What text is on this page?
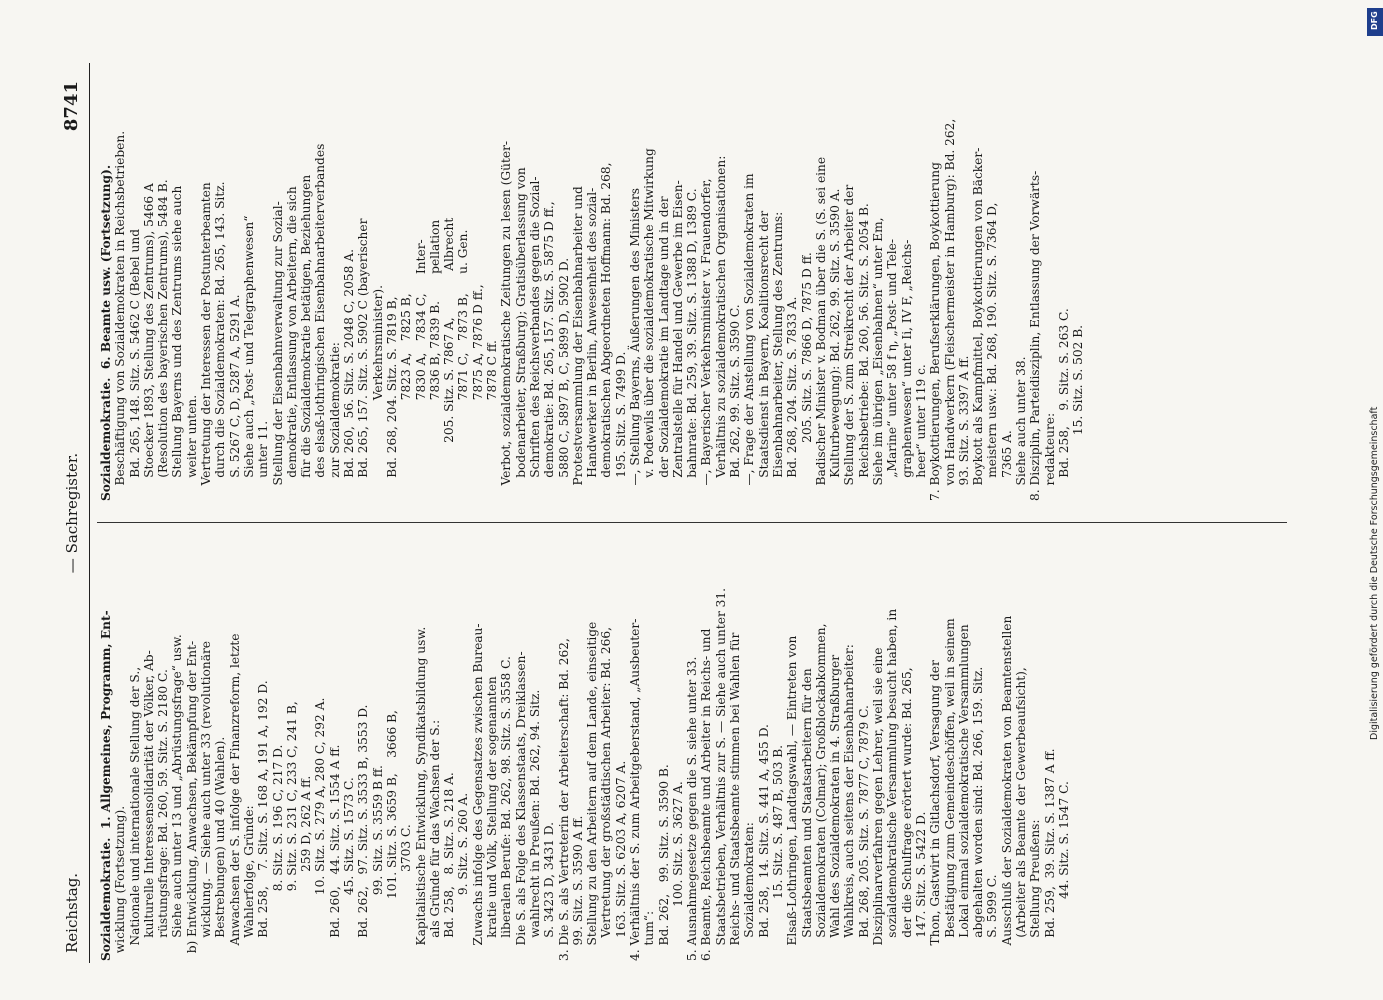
Reichstag.
— Sachregister.
8741

Sozialdemokratie.  1. Allgemeines, Programm, Ent- wicklung (Fortsetzung). Nationale und internationale Stellung der S., kulturelle Interessensolidarität der Völker, Ab- rüstungsfrage: Bd. 260, 59. Sitz. S. 2180 C. Siehe auch unter 13 und „Abrüstungsfrage“ usw. b) Entwicklung, Anwachsen, Bekämpfung der Ent- wicklung. — Siehe auch unter 33 (revolutionäre Bestrebungen) und 40 (Wahlen). Anwachsen der S. infolge der Finanzreform, letzte Wahlerfolge, Gründe: Bd. 258,    7. Sitz. S. 168 A, 191 A, 192 D. 8. Sitz. S. 196 C, 217 D. 9. Sitz. S. 231 C, 233 C, 241 B, 259 D, 262 A ff. 10. Sitz. S. 279 A, 280 C, 292 A. Bd. 260,   44. Sitz. S. 1554 A ff. 45. Sitz. S. 1573 C. Bd. 262,   97. Sitz. S. 3533 B, 3553 D. 99. Sitz. S. 3559 B ff. 101. Sitz. S. 3659 B,    3666 B, 3703 C. Kapitalistische Entwicklung, Syndikatsbildung usw. als Gründe für das Wachsen der S.: Bd. 258,   8. Sitz. S. 218 A. 9. Sitz. S. 260 A. Zuwachs infolge des Gegensatzes zwischen Bureau- kratie und Volk, Stellung der sogenannten liberalen Berufe: Bd. 262, 98. Sitz. S. 3558 C. Die S. als Folge des Klassenstaats, Dreiklassen- wahlrecht in Preußen: Bd. 262, 94. Sitz. S. 3423 D, 3431 D. 3. Die S. als Vertreterin der Arbeiterschaft: Bd. 262, 99. Sitz. S. 3590 A ff. Stellung zu den Arbeitern auf dem Lande, einseitige Vertretung der großstädtischen Arbeiter: Bd. 266, 163. Sitz. S. 6203 A, 6207 A. 4. Verhältnis der S. zum Arbeitgeberstand, „Ausbeuter- tum“: Bd. 262,   99. Sitz. S. 3590 B. 100. Sitz. S. 3627 A. 5. Ausnahmegesetze gegen die S. siehe unter 33. 6. Beamte, Reichsbeamte und Arbeiter in Reichs- und Staatsbetrieben, Verhältnis zur S. — Siehe auch unter 31. Reichs- und Staatsbeamte stimmen bei Wahlen für Sozialdemokraten: Bd. 258,  14. Sitz. S. 441 A, 455 D. 15. Sitz. S. 487 B, 503 B. Elsaß-Lothringen, Landtagswahl, — Eintreten von Staatsbeamten und Staatsarbeitern für den Sozialdemokraten (Colmar); Großblockabkommen, Wahl des Sozialdemokraten in 4. Straßburger Wahlkreis, auch seitens der Eisenbahnarbeiter: Bd. 268, 205. Sitz. S. 7877 C, 7879 C. Disziplinarverfahren gegen Lehrer, weil sie eine sozialdemokratische Versammlung besucht haben, in der die Schulfrage erörtert wurde: Bd. 265, 147. Sitz. S. 5422 D. Thon, Gastwirt in Gitlachsdorf, Versagung der Bestätigung zum Gemeindeschöffen, weil in seinem Lokal einmal sozialdemokratische Versammlungen abgehalten worden sind: Bd. 266, 159. Sitz. S. 5999 C. Ausschluß der Sozialdemokraten von Beamtenstellen (Arbeiter als Beamte der Gewerbeaufsicht), Stellung Preußens: Bd. 259,  39. Sitz. S. 1387 A ff. 44. Sitz. S. 1547 C.

Sozialdemokratie.  6. Beamte usw. (Fortsetzung). Beschäftigung von Sozialdemokraten in Reichsbetrieben. Bd. 265, 148. Sitz. S. 5462 C (Bebel und Stoecker 1893, Stellung des Zentrums), 5466 A (Resolution des bayerischen Zentrums), 5484 B. Stellung Bayerns und des Zentrums siehe auch weiter unten. Vertretung der Interessen der Postunterbeamten durch die Sozialdemokraten: Bd. 265, 143. Sitz. S. 5267 C, D, 5287 A, 5291 A. Siehe auch „Post- und Telegraphenwesen“ unter 11. Stellung der Eisenbahnverwaltung zur Sozial- demokratie, Entlassung von Arbeitern, die sich für die Sozialdemokratie betätigen, Beziehungen des elsaß-lothringischen Eisenbahnarbeiterverbandes zur Sozialdemokratie: Bd. 260,  56. Sitz. S. 2048 C, 2058 A. Bd. 265, 157. Sitz. S. 5902 C (bayerischer Verkehrsminister). Bd. 268, 204. Sitz. S. 7819 B, 7823 A,   7825 B, 7830 A,   7834 C,     Inter- 7836 B, 7839 B.       pellation 205. Sitz. S. 7867 A,            Albrecht 7871 C,   7873 B,     u. Gen. 7875 A, 7876 D ff., 7878 C ff. Verbot, sozialdemokratische Zeitungen zu lesen (Güter- bodenarbeiter, Straßburg); Gratisüberlassung von Schriften des Reichsverbandes gegen die Sozial- demokratie: Bd. 265, 157. Sitz. S. 5875 D ff., 5880 C, 5897 B, C, 5899 D, 5902 D. Protestversammlung der Eisenbahnarbeiter und Handwerker in Berlin, Anwesenheit des sozial- demokratischen Abgeordneten Hoffmann: Bd. 268, 195. Sitz. S. 7499 D. —, Stellung Bayerns, Äußerungen des Ministers v. Podewils über die sozialdemokratische Mitwirkung der Sozialdemokratie im Landtage und in der Zentralstelle für Handel und Gewerbe im Eisen- bahnrate: Bd. 259, 39. Sitz. S. 1388 D, 1389 C. —, Bayerischer Verkehrsminister v. Frauendorfer, Verhältnis zu sozialdemokratischen Organisationen: Bd. 262, 99. Sitz. S. 3590 C. —, Frage der Anstellung von Sozialdemokraten im Staatsdienst in Bayern, Koalitionsrecht der Eisenbahnarbeiter, Stellung des Zentrums: Bd. 268, 204. Sitz. S. 7833 A. 205. Sitz. S. 7866 D, 7875 D ff. Badischer Minister v. Bodman über die S. (S. sei eine Kulturbewegung): Bd. 262, 99. Sitz. S. 3590 A. Stellung der S. zum Streikrecht der Arbeiter der Reichsbetriebe: Bd. 260, 56. Sitz. S. 2054 B. Siehe im übrigen „Eisenbahnen“ unter Em, „Marine“ unter 58 f η, „Post- und Tele- graphenwesen“ unter Ii, IV F, „Reichs- heer“ unter 119 c. 7. Boykottierungen, Berufserklärungen, Boykottierung von Handwerkern (Fleischermeister in Hamburg): Bd. 262, 93. Sitz. S. 3397 A ff. Boykott als Kampfmittel, Boykottierungen von Bäcker- meistern usw.: Bd. 268, 190. Sitz. S. 7364 D, 7365 A. Siehe auch unter 38. 8. Disziplin, Parteidisziplin, Entlassung der Vorwärts- redakteure: Bd. 258,    9. Sitz. S. 263 C. 15. Sitz. S. 502 B.

DFG
Digitalisierung gefördert durch die Deutsche Forschungsgemeinschaft
